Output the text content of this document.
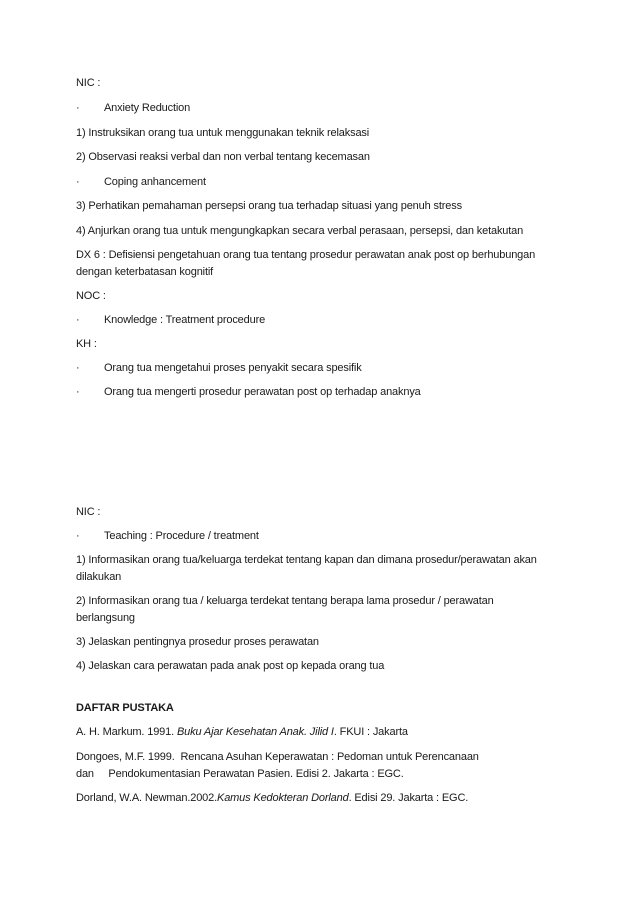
NIC :
· Anxiety Reduction
1) Instruksikan orang tua untuk menggunakan teknik relaksasi
2) Observasi reaksi verbal dan non verbal tentang kecemasan
· Coping anhancement
3) Perhatikan pemahaman persepsi orang tua terhadap situasi yang penuh stress
4) Anjurkan orang tua untuk mengungkapkan secara verbal perasaan, persepsi, dan ketakutan
DX 6 : Defisiensi pengetahuan orang tua tentang prosedur perawatan anak post op berhubungan
dengan keterbatasan kognitif
NOC :
· Knowledge : Treatment procedure
KH :
· Orang tua mengetahui proses penyakit secara spesifik
· Orang tua mengerti prosedur perawatan post op terhadap anaknya
NIC :
· Teaching : Procedure / treatment
1) Informasikan orang tua/keluarga terdekat tentang kapan dan dimana prosedur/perawatan akan
dilakukan
2) Informasikan orang tua / keluarga terdekat tentang berapa lama prosedur / perawatan
berlangsung
3) Jelaskan pentingnya prosedur proses perawatan
4) Jelaskan cara perawatan pada anak post op kepada orang tua
DAFTAR PUSTAKA
A. H. Markum. 1991. Buku Ajar Kesehatan Anak. Jilid I. FKUI : Jakarta
Dongoes, M.F. 1999.  Rencana Asuhan Keperawatan : Pedoman untuk Perencanaan
dan     Pendokumentasian Perawatan Pasien. Edisi 2. Jakarta : EGC.
Dorland, W.A. Newman.2002.Kamus Kedokteran Dorland. Edisi 29. Jakarta : EGC.
